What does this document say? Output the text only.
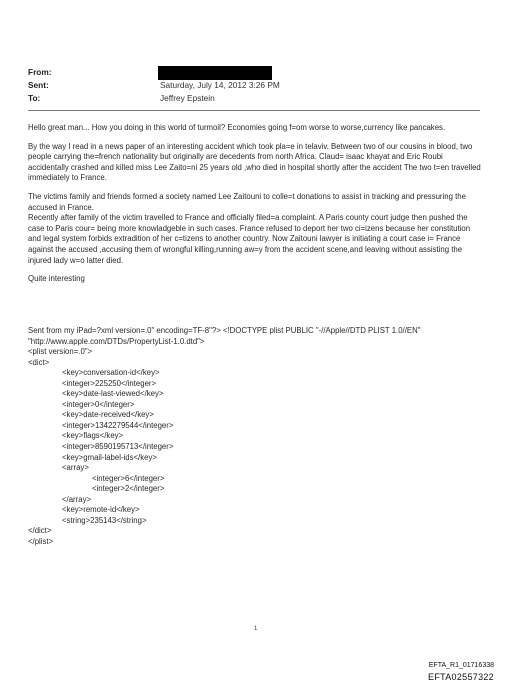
From:
Sent:	Saturday, July 14, 2012 3:26 PM
To:	Jeffrey Epstein
Hello great man... How you doing in this world of turmoil? Economies going f=om worse to worse,currency like pancakes.
By the way I read in a news paper of an interesting accident which took pla=e in telaviv. Between two of our cousins in blood, two people carrying the=french nationality but originally are decedents from north Africa. Claud= isaac khayat and Eric Roubi accidentally crashed and killed miss Lee Zaito=ni 25 years old ,who died in hospital shortly after the accident The two t=en travelled immediately to France.
The victims family and friends formed a society named Lee Zaitouni to colle=t donations to assist in tracking and pressuring the accused in France.
Recently after family of the victim travelled to France and officially filed=a complaint. A Paris county court judge then pushed the case to Paris cour= being more knowladgeble in such cases. France refused to deport her two ci=izens because her constitution and legal system forbids extradition of her c=tizens to another country. Now Zaitouni lawyer is initiating a court case i= France against the accused ,accusing them of wrongful killing,running aw=y from the accident scene,and leaving without assisting the injured lady w=o latter died.
Quite interesting
Sent from my iPad=?xml version=.0" encoding=TF-8"?> <!DOCTYPE plist PUBLIC "-//Apple//DTD PLIST 1.0//EN"
"http://www.apple.com/DTDs/PropertyList-1.0.dtd">
<plist version=.0">
<dict>
<key>conversation-id</key>
<integer>225250</integer>
<key>date-last-viewed</key>
<integer>0</integer>
<key>date-received</key>
<integer>1342279544</integer>
<key>flags</key>
<integer>8590195713</integer>
<key>gmail-label-ids</key>
<array>
<integer>6</integer>
<integer>2</integer>
</array>
<key>remote-id</key>
<string>235143</string>
</dict>
</plist>
1
EFTA_R1_01716338
EFTA02557322
